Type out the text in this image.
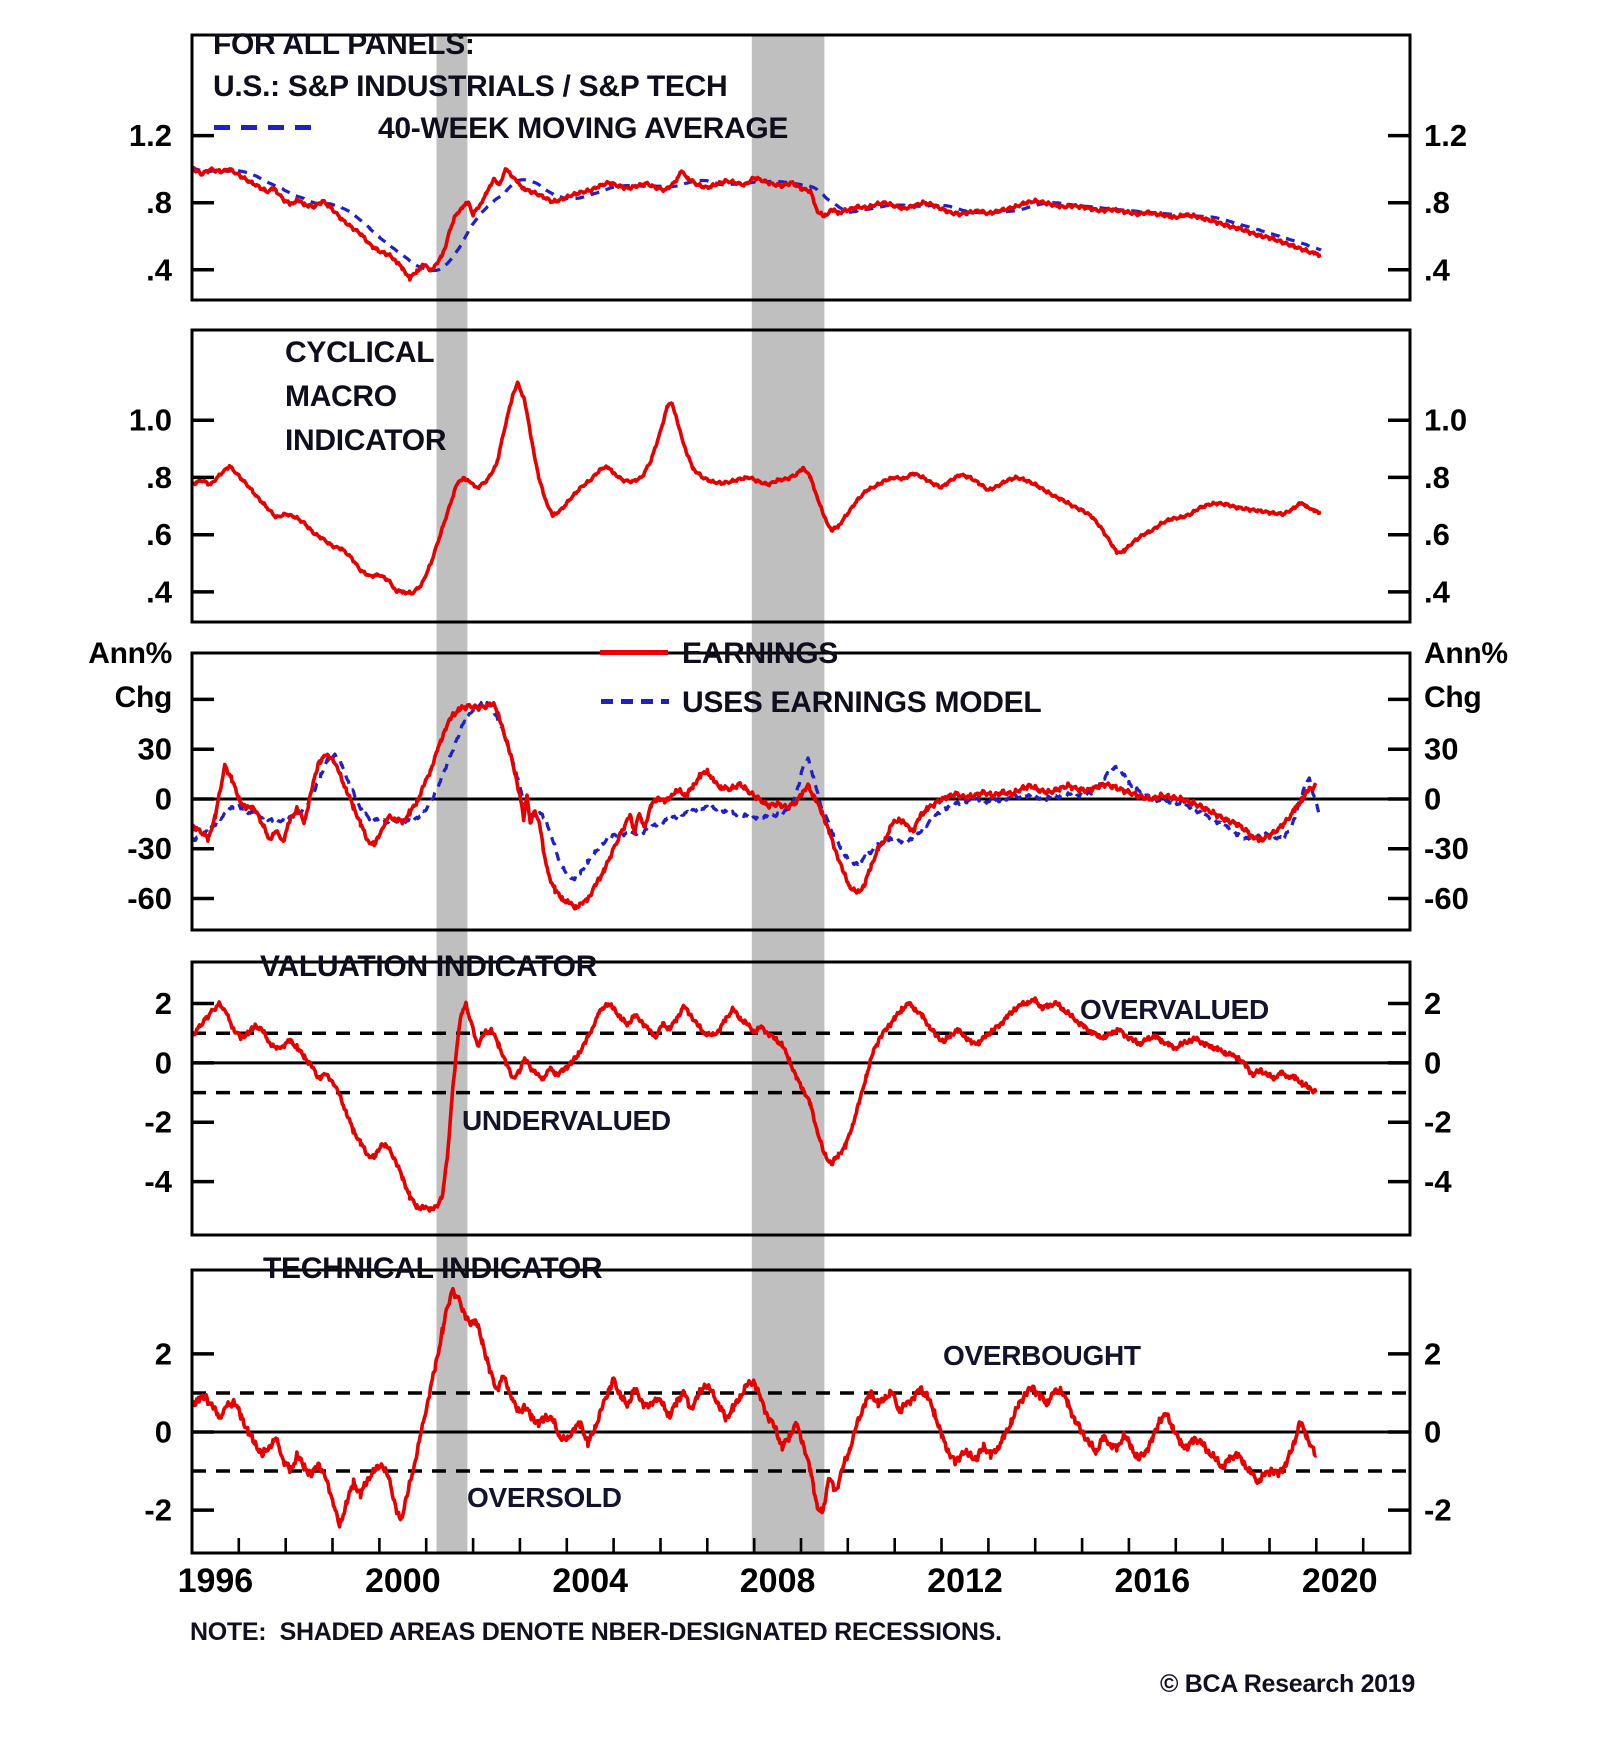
1.2	1.2
.8	.8
.4	.4
1.0	1.0
.8	.8
.6	.6
.4	.4
30	30
0	0
-30	-30
-60	-60
2	2
0	0
-2	-2
-4	-4
2	2
0	0
-2	-2
1996	2000	2004	2008	2012	2016	2020
FOR ALL PANELS:
U.S.: S&P INDUSTRIALS / S&P TECH
40-WEEK MOVING AVERAGE
CYCLICAL
MACRO
INDICATOR
Ann%
Chg
Ann%
Chg
EARNINGS
USES EARNINGS MODEL
VALUATION INDICATOR
OVERVALUED
UNDERVALUED
TECHNICAL INDICATOR
OVERBOUGHT
OVERSOLD
NOTE:  SHADED AREAS DENOTE NBER-DESIGNATED RECESSIONS.
© BCA Research 2019
